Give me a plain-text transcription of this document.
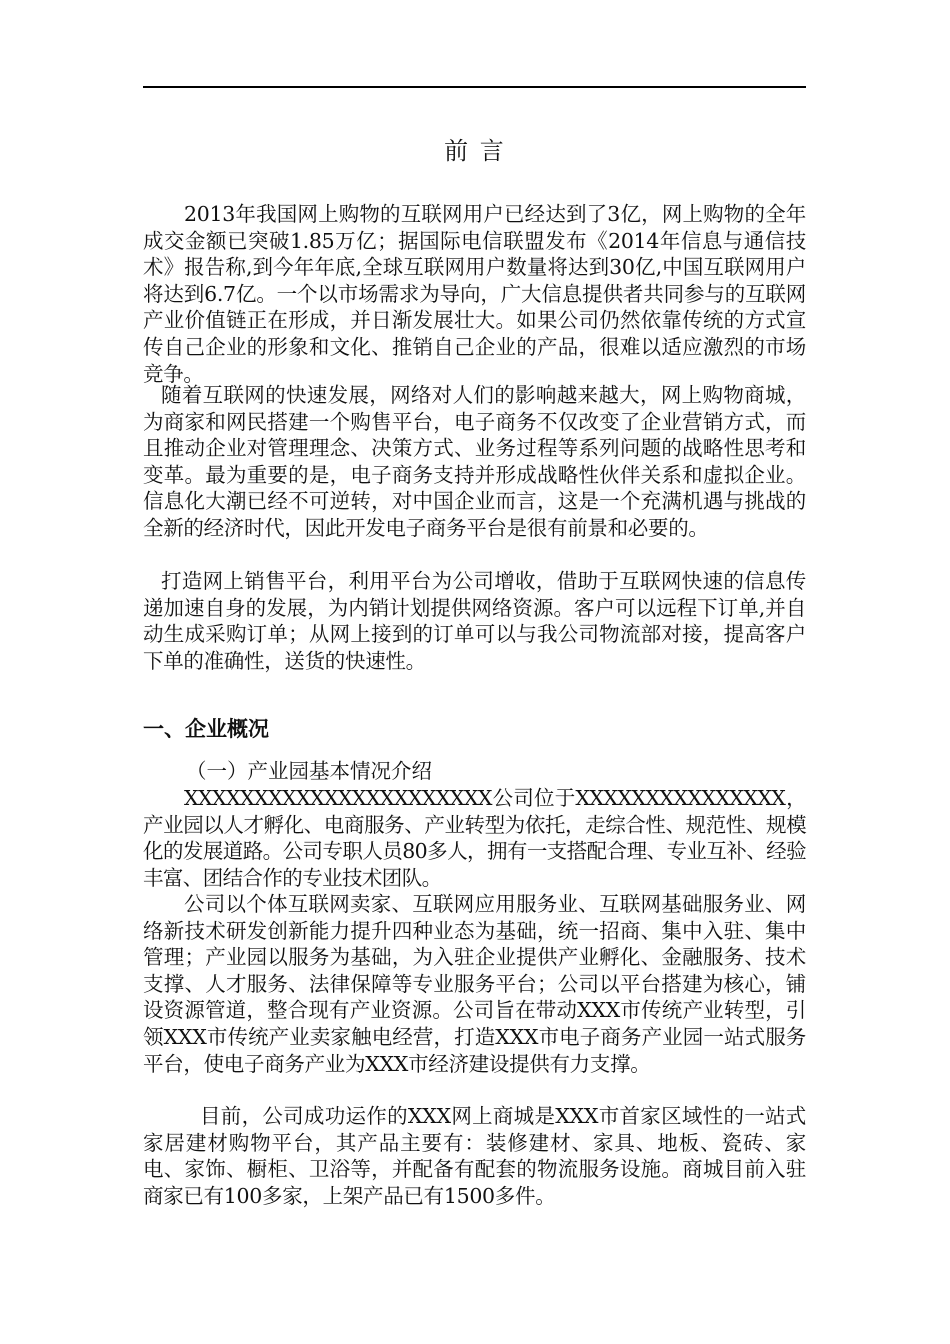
前 言

2013年我国网上购物的互联网用户已经达到了3亿，网上购物的全年成交金额已突破1.85万亿；据国际电信联盟发布《2014年信息与通信技术》报告称,到今年年底,全球互联网用户数量将达到30亿,中国互联网用户将达到6.7亿。一个以市场需求为导向，广大信息提供者共同参与的互联网产业价值链正在形成，并日渐发展壮大。如果公司仍然依靠传统的方式宣传自己企业的形象和文化、推销自己企业的产品，很难以适应激烈的市场竞争。

随着互联网的快速发展，网络对人们的影响越来越大，网上购物商城，为商家和网民搭建一个购售平台，电子商务不仅改变了企业营销方式，而且推动企业对管理理念、决策方式、业务过程等系列问题的战略性思考和变革。最为重要的是，电子商务支持并形成战略性伙伴关系和虚拟企业。信息化大潮已经不可逆转，对中国企业而言，这是一个充满机遇与挑战的全新的经济时代，因此开发电子商务平台是很有前景和必要的。

打造网上销售平台，利用平台为公司增收，借助于互联网快速的信息传递加速自身的发展，为内销计划提供网络资源。客户可以远程下订单,并自动生成采购订单；从网上接到的订单可以与我公司物流部对接，提高客户下单的准确性，送货的快速性。

一、企业概况

（一）产业园基本情况介绍

XXXXXXXXXXXXXXXXXXXXXX公司位于XXXXXXXXXXXXXXX，产业园以人才孵化、电商服务、产业转型为依托，走综合性、规范性、规模化的发展道路。公司专职人员80多人，拥有一支搭配合理、专业互补、经验丰富、团结合作的专业技术团队。

公司以个体互联网卖家、互联网应用服务业、互联网基础服务业、网络新技术研发创新能力提升四种业态为基础，统一招商、集中入驻、集中管理；产业园以服务为基础，为入驻企业提供产业孵化、金融服务、技术支撑、人才服务、法律保障等专业服务平台；公司以平台搭建为核心，铺设资源管道，整合现有产业资源。公司旨在带动XXX市传统产业转型，引领XXX市传统产业卖家触电经营，打造XXX市电子商务产业园一站式服务平台，使电子商务产业为XXX市经济建设提供有力支撑。

目前，公司成功运作的XXX网上商城是XXX市首家区域性的一站式家居建材购物平台，其产品主要有：装修建材、家具、地板、瓷砖、家电、家饰、橱柜、卫浴等，并配备有配套的物流服务设施。商城目前入驻商家已有100多家，上架产品已有1500多件。
